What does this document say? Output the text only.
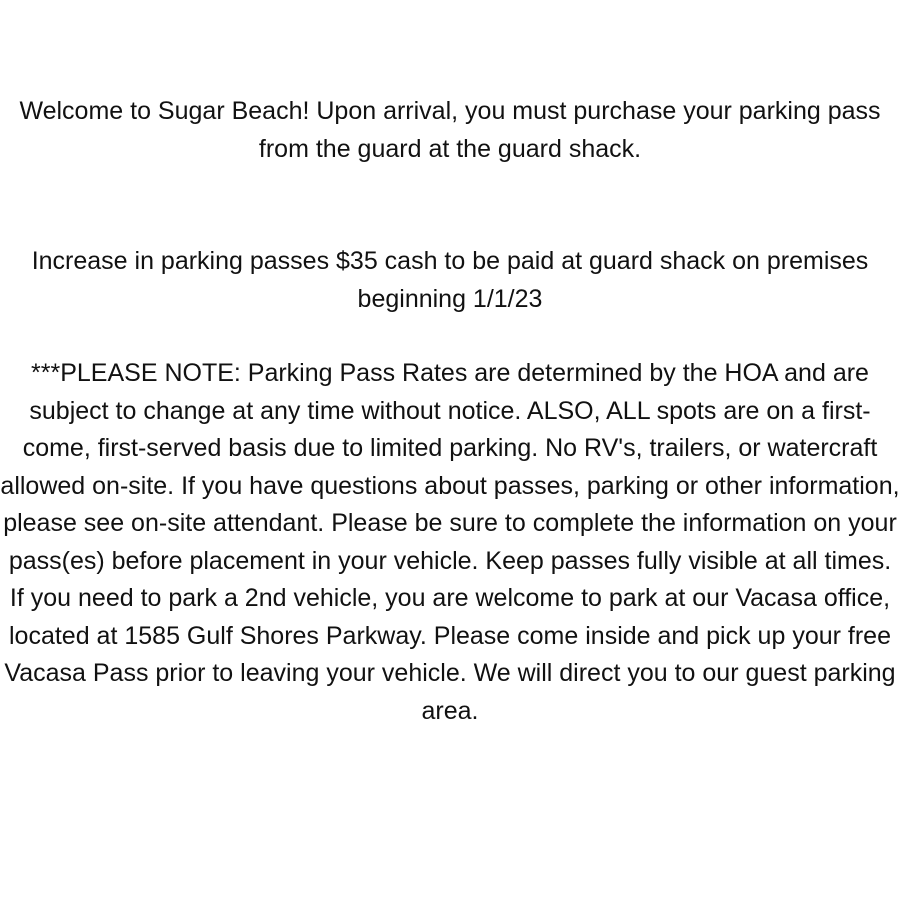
Welcome to Sugar Beach! Upon arrival, you must purchase your parking pass from the guard at the guard shack.

Increase in parking passes $35 cash to be paid at guard shack on premises beginning 1/1/23

***PLEASE NOTE: Parking Pass Rates are determined by the HOA and are subject to change at any time without notice. ALSO, ALL spots are on a first-come, first-served basis due to limited parking. No RV's, trailers, or watercraft allowed on-site. If you have questions about passes, parking or other information, please see on-site attendant. Please be sure to complete the information on your pass(es) before placement in your vehicle. Keep passes fully visible at all times. If you need to park a 2nd vehicle, you are welcome to park at our Vacasa office, located at 1585 Gulf Shores Parkway. Please come inside and pick up your free Vacasa Pass prior to leaving your vehicle. We will direct you to our guest parking area.
